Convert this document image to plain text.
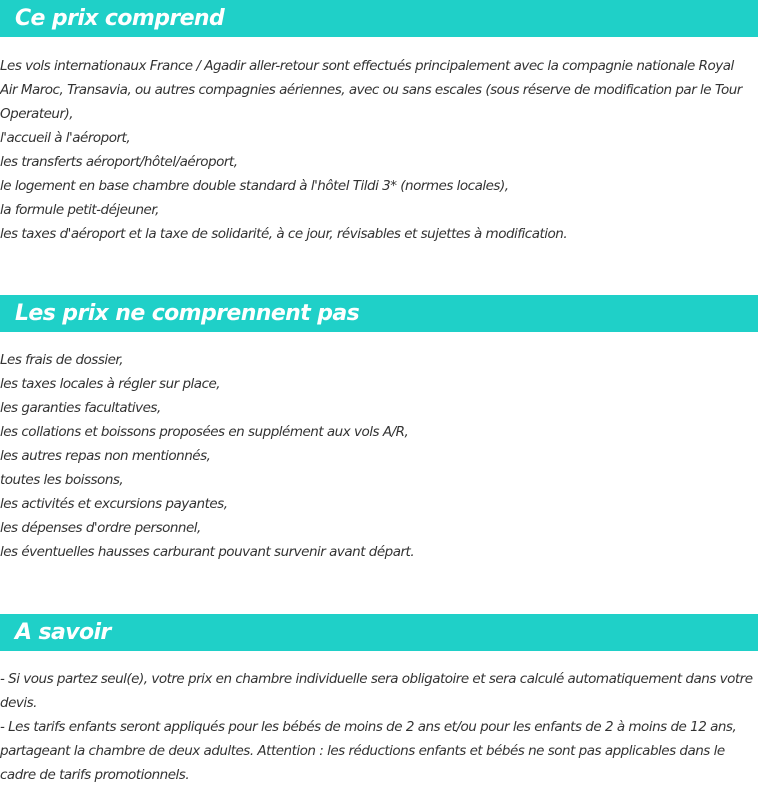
Ce prix comprend
Les vols internationaux France / Agadir aller-retour sont effectués principalement avec la compagnie nationale Royal Air Maroc, Transavia, ou autres compagnies aériennes, avec ou sans escales (sous réserve de modification par le Tour Operateur),
l'accueil à l'aéroport,
les transferts aéroport/hôtel/aéroport,
le logement en base chambre double standard à l'hôtel Tildi 3* (normes locales),
la formule petit-déjeuner,
les taxes d'aéroport et la taxe de solidarité, à ce jour, révisables et sujettes à modification.
Les prix ne comprennent pas
Les frais de dossier,
les taxes locales à régler sur place,
les garanties facultatives,
les collations et boissons proposées en supplément aux vols A/R,
les autres repas non mentionnés,
toutes les boissons,
les activités et excursions payantes,
les dépenses d'ordre personnel,
les éventuelles hausses carburant pouvant survenir avant départ.
A savoir
- Si vous partez seul(e), votre prix en chambre individuelle sera obligatoire et sera calculé automatiquement dans votre devis.
- Les tarifs enfants seront appliqués pour les bébés de moins de 2 ans et/ou pour les enfants de 2 à moins de 12 ans, partageant la chambre de deux adultes. Attention : les réductions enfants et bébés ne sont pas applicables dans le cadre de tarifs promotionnels.
